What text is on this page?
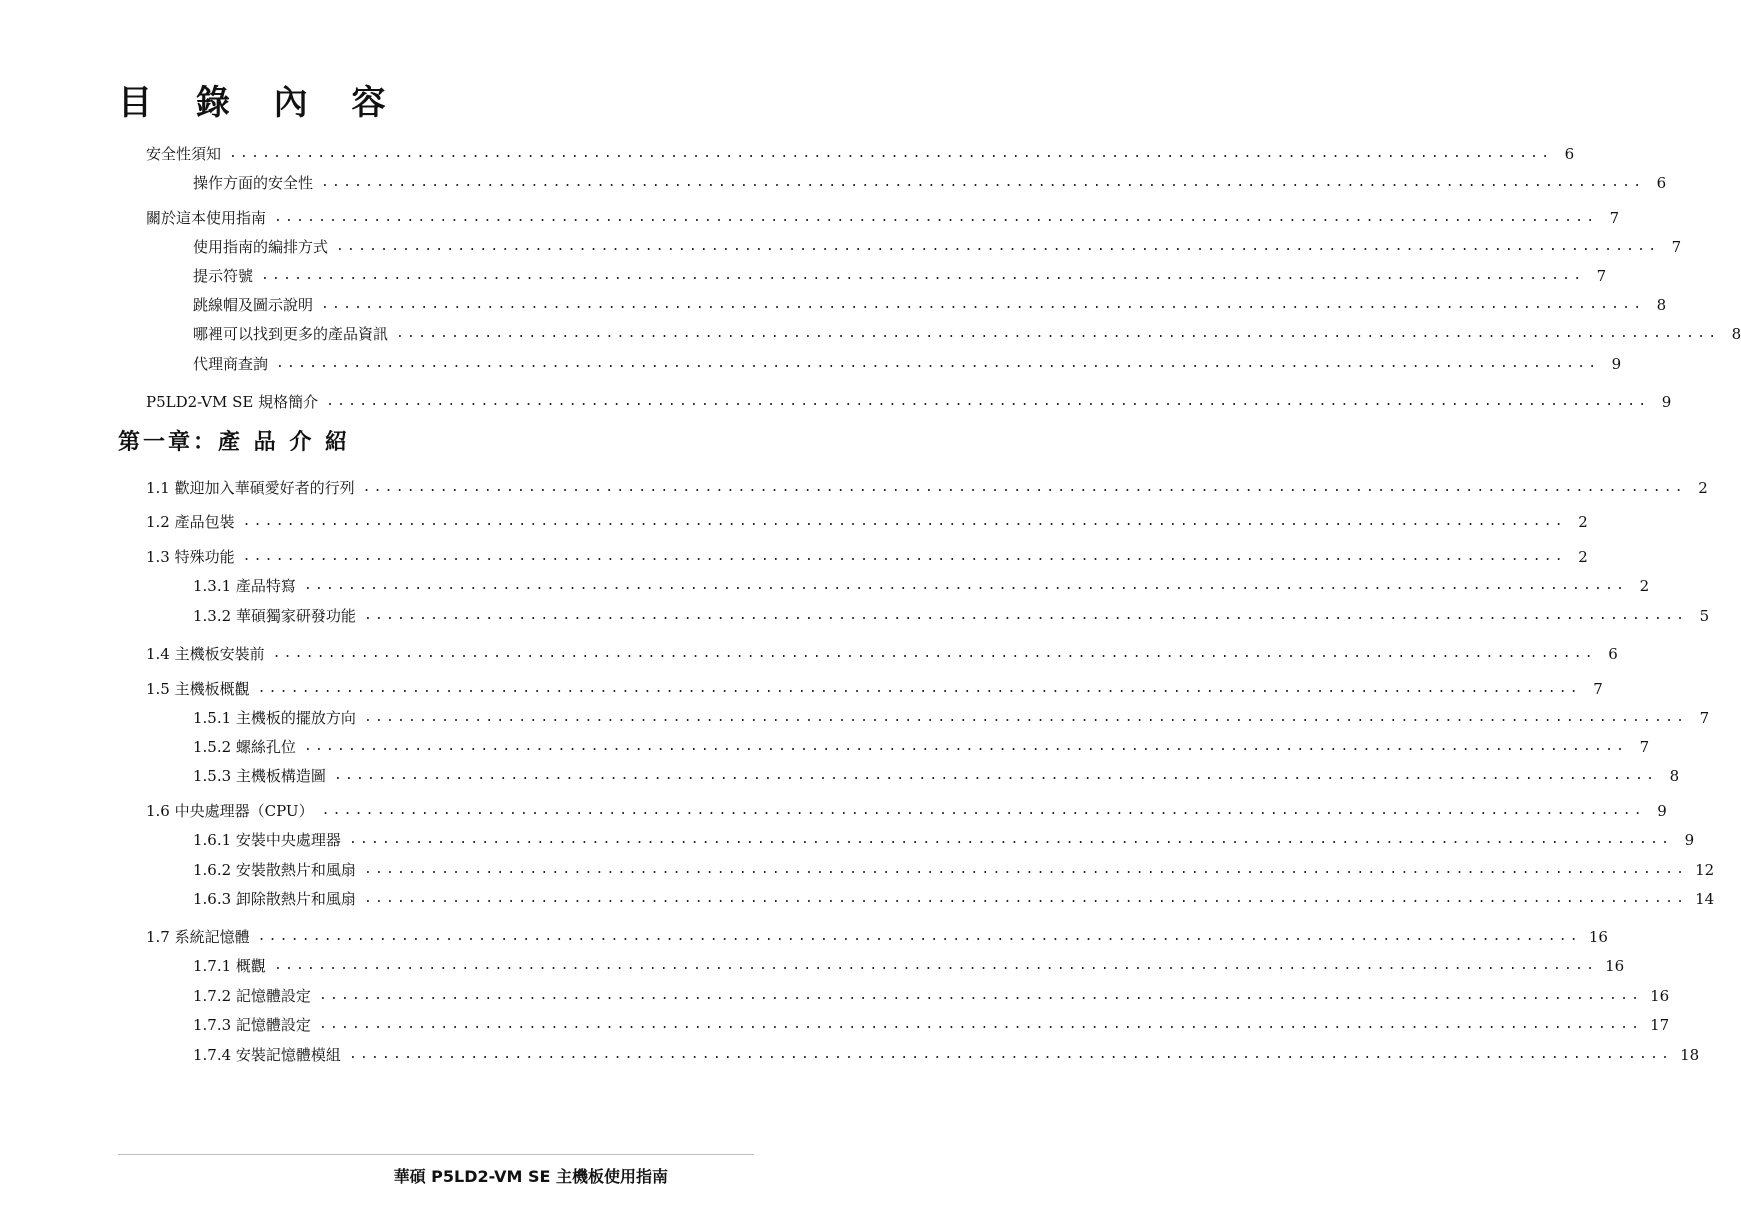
目 錄 內 容
第一章：產 品 介 紹
安全性須知 ........................................................................................................................ 6
操作方面的安全性 ........................................................................................................................ 6
關於這本使用指南 ........................................................................................................................ 7
使用指南的編排方式 ........................................................................................................................ 7
提示符號 ........................................................................................................................ 7
跳線帽及圖示說明 ........................................................................................................................ 8
哪裡可以找到更多的產品資訊 ........................................................................................................................ 8
代理商查詢 ........................................................................................................................ 9
P5LD2-VM SE 規格簡介 ........................................................................................................................ 9
1.1 歡迎加入華碩愛好者的行列 ........................................................................................................................ 2
1.2 產品包裝 ........................................................................................................................ 2
1.3 特殊功能 ........................................................................................................................ 2
1.3.1 產品特寫 ........................................................................................................................ 2
1.3.2 華碩獨家研發功能 ........................................................................................................................ 5
1.4 主機板安裝前 ........................................................................................................................ 6
1.5 主機板概觀 ........................................................................................................................ 7
1.5.1 主機板的擺放方向 ........................................................................................................................ 7
1.5.2 螺絲孔位 ........................................................................................................................ 7
1.5.3 主機板構造圖 ........................................................................................................................ 8
1.6 中央處理器（CPU） ........................................................................................................................ 9
1.6.1 安裝中央處理器 ........................................................................................................................ 9
1.6.2 安裝散熱片和風扇 ........................................................................................................................ 12
1.6.3 卸除散熱片和風扇 ........................................................................................................................ 14
1.7 系統記憶體 ........................................................................................................................ 16
1.7.1 概觀 ........................................................................................................................ 16
1.7.2 記憶體設定 ........................................................................................................................ 16
1.7.3 記憶體設定 ........................................................................................................................ 17
1.7.4 安裝記憶體模組 ........................................................................................................................ 18
華碩 P5LD2-VM SE 主機板使用指南
